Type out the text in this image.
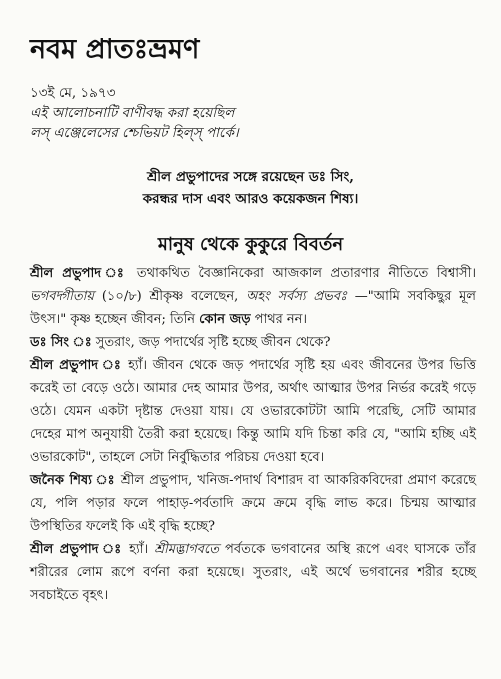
নবম প্রাতঃভ্রমণ
১৩ই মে, ১৯৭৩
এই আলোচনাটি বাণীবদ্ধ করা হয়েছিল
লস্ এঞ্জেলেসের শ্চেভিয়ট হিল্স্ পার্কে।
শ্রীল প্রভুপাদের সঙ্গে রয়েছেন ডঃ সিং,
করন্ধর দাস এবং আরও কয়েকজন শিষ্য।
মানুষ থেকে কুকুরে বিবর্তন

শ্রীল প্রভুপাদ ঃ তথাকথিত বৈজ্ঞানিকেরা আজকাল প্রতারণার নীতিতে বিশ্বাসী। ভগবদ্গীতায় (১০/৮) শ্রীকৃষ্ণ বলেছেন, অহং সর্বস্য প্রভবঃ —"আমি সবকিছুর মূল উৎস।" কৃষ্ণ হচ্ছেন জীবন; তিনি কোন জড় পাথর নন।

ডঃ সিং ঃ সুতরাং, জড় পদার্থের সৃষ্টি হচ্ছে জীবন থেকে?

শ্রীল প্রভুপাদ ঃ হ্যাঁ। জীবন থেকে জড় পদার্থের সৃষ্টি হয় এবং জীবনের উপর ভিত্তি করেই তা বেড়ে ওঠে। আমার দেহ আমার উপর, অর্থাৎ আত্মার উপর নির্ভর করেই গড়ে ওঠে। যেমন একটা দৃষ্টান্ত দেওয়া যায়। যে ওভারকোটটা আমি পরেছি, সেটি আমার দেহের মাপ অনুযায়ী তৈরী করা হয়েছে। কিন্তু আমি যদি চিন্তা করি যে, "আমি হচ্ছি এই ওভারকোট", তাহলে সেটা নির্বুদ্ধিতার পরিচয় দেওয়া হবে।

জনৈক শিষ্য ঃ শ্রীল প্রভুপাদ, খনিজ-পদার্থ বিশারদ বা আকরিকবিদেরা প্রমাণ করেছে যে, পলি পড়ার ফলে পাহাড়-পর্বতাদি ক্রমে ক্রমে বৃদ্ধি লাভ করে। চিন্ময় আত্মার উপস্থিতির ফলেই কি এই বৃদ্ধি হচ্ছে?

শ্রীল প্রভুপাদ ঃ হ্যাঁ। শ্রীমদ্ভাগবতে পর্বতকে ভগবানের অস্থি রূপে এবং ঘাসকে তাঁর শরীরের লোম রূপে বর্ণনা করা হয়েছে। সুতরাং, এই অর্থে ভগবানের শরীর হচ্ছে সবচাইতে বৃহৎ।
